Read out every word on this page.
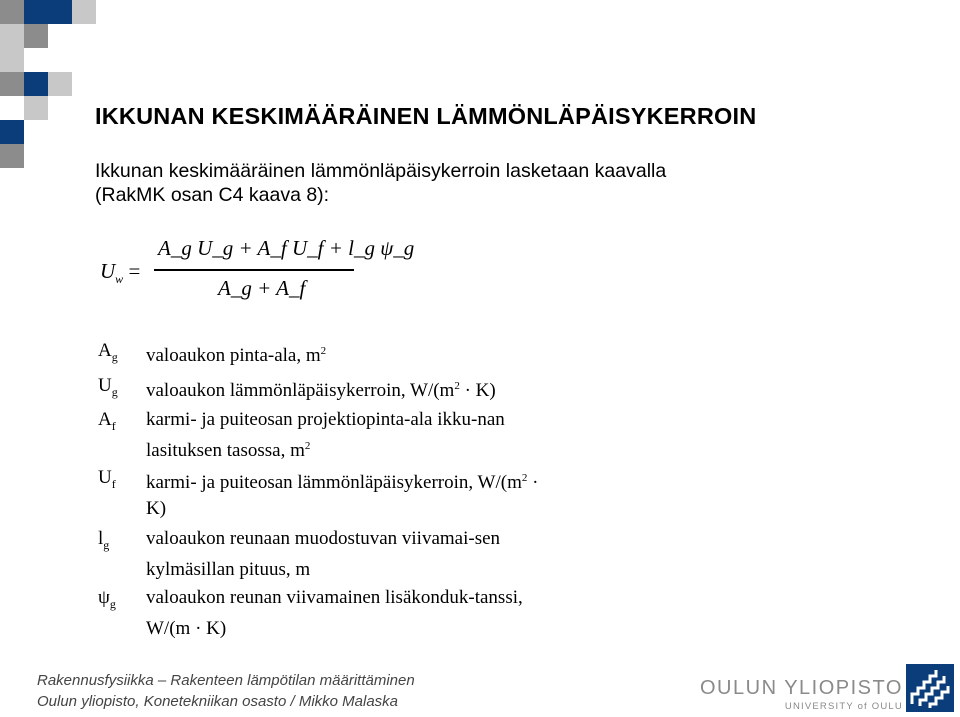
IKKUNAN KESKIMÄÄRÄINEN LÄMMÖNLÄPÄISYKERROIN
Ikkunan keskimääräinen lämmönläpäisykerroin lasketaan kaavalla
(RakMK osan C4 kaava 8):
$U_w$ =
A_g U_g + A_f U_f + l_g ψ_g
A_g + A_f
$A_g$ valoaukon pinta-ala, $m^2$
$U_g$ valoaukon lämmönläpäisykerroin, $W/(m^2 \cdot K)$
$A_f$ karmi- ja puiteosan projektiopinta-ala ikku-nan lasituksen tasossa, $m^2$
$U_f$ karmi- ja puiteosan lämmönläpäisykerroin, $W/(m^2 \cdot K)$
$l_g$ valoaukon reunaan muodostuvan viivamai-sen kylmäsillan pituus, m
$\psi_g$ valoaukon reunan viivamainen lisäkonduk-tanssi, W/(m · K)
Rakennusfysiikka – Rakenteen lämpötilan määrittäminen
Oulun yliopisto, Konetekniikan osasto / Mikko Malaska
OULUN YLIOPISTO
UNIVERSITY of OULU
